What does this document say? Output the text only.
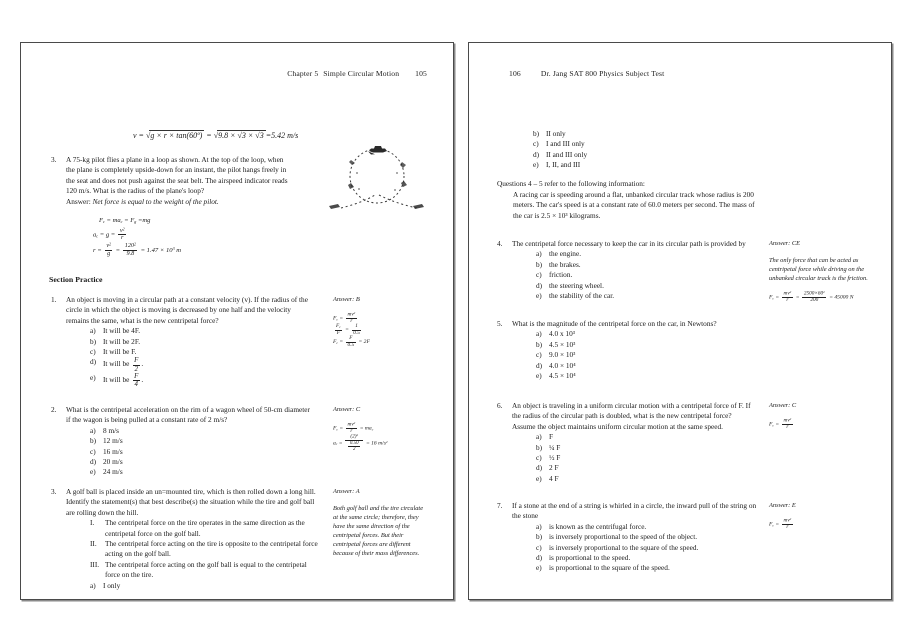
Chapter 5 Simple Circular Motion 105
v = √g × r × tan(60º) = √9.8 × √3 × √3 =5.42 m/s
3.	A 75-kg pilot flies a plane in a loop as shown. At the top of the loop, when the plane is completely upside-down for an instant, the pilot hangs freely in the seat and does not push against the seat belt. The airspeed indicator reads 120 m/s. What is the radius of the plane's loop?

Answer: Net force is equal to the weight of the pilot.

$F_c = ma_c = F_g =mg$
$a_c = g = \frac{v^2}{r}$
$r = \frac{v^2}{g} = \frac{120^2}{9.8} = 1.47 \times 10^3$ m
Section Practice
1.	An object is moving in a circular path at a constant velocity (v). If the radius of the circle in which the object is moving is decreased by one half and the velocity remains the same, what is the new centripetal force?

a)	It will be 4F.
b) It will be 2F.
c)	It will be F.
d) It will be $\frac{F}{2}$ .
e)	It will be $\frac{F}{4}$ .
Answer: B
$F_c = \frac{mv^2}{r}$
$\frac{F_c}{F} = \frac{1}{0.5}$
$F_c = \frac{F}{0.5} = 2F$
2.	What is the centripetal acceleration on the rim of a wagon wheel of 50-cm diameter if the wagon is being pulled at a constant rate of 2 m/s?

a)	8 m/s
b) 12 m/s
c)	16 m/s
d) 20 m/s
e)	24 m/s
Answer: C
$F_c = \frac{mv^2}{r} = ma_c$
$a_c = \frac{(2)^2}{\frac{0.50}{2}} = 16$ $m/s^2$
3.	A golf ball is placed inside an un=mounted tire, which is then rolled down a long hill. Identify the statement(s) that best describe(s) the situation while the tire and golf ball are rolling down the hill.

I.	The centripetal force on the tire operates in the same direction as the centripetal force on the golf ball.
II.	The centripetal force acting on the tire is opposite to the centripetal force acting on the golf ball.
III. The centripetal force acting on the golf ball is equal to the centripetal force on the tire.
a)	I only
Answer: A
Both golf ball and the tire circulate at the same circle; therefore, they have the same direction of the centripetal forces. But their centripetal forces are different because of their mass differences.
106	Dr. Jang SAT 800 Physics Subject Test
b) II only
c)	I and III only
d) II and III only
e)	I, II, and III
Questions 4 – 5 refer to the following information:
A racing car is speeding around a flat, unbanked circular track whose radius is 200 meters. The car's speed is at a constant rate of 60.0 meters per second. The mass of the car is 2.5 × 10³ kilograms.
4.	The centripetal force necessary to keep the car in its circular path is provided by

a)	the engine.
b) the brakes.
c)	friction.
d) the steering wheel.
e)	the stability of the car.
Answer: CE
The only force that can be acted as centripetal force while driving on the unbanked circular track is the friction.
$F_c = \frac{mv^2}{r} = \frac{2500\times 60^2}{200} = 45000$ N
5.	What is the magnitude of the centripetal force on the car, in Newtons?

a)	4.0 x 10³
b) 4.5 × 10³
c)	9.0 × 10³
d) 4.0 × 10⁴
e)	4.5 × 10⁴
6.	An object is traveling in a uniform circular motion with a centripetal force of F. If the radius of the circular path is doubled, what is the new centripetal force? Assume the object maintains uniform circular motion at the same speed.

a)	F
b) ¼ F
c)	½ F
d) 2 F
e)	4 F
Answer: C
$F_c = \frac{mv^2}{r}$
7.	If a stone at the end of a string is whirled in a circle, the inward pull of the string on the stone

a)	is known as the centrifugal force.
b) is inversely proportional to the speed of the object.
c)	is inversely proportional to the square of the speed.
d) is proportional to the speed.
e)	is proportional to the square of the speed.
Answer: E
$F_c = \frac{mv^2}{r}$
